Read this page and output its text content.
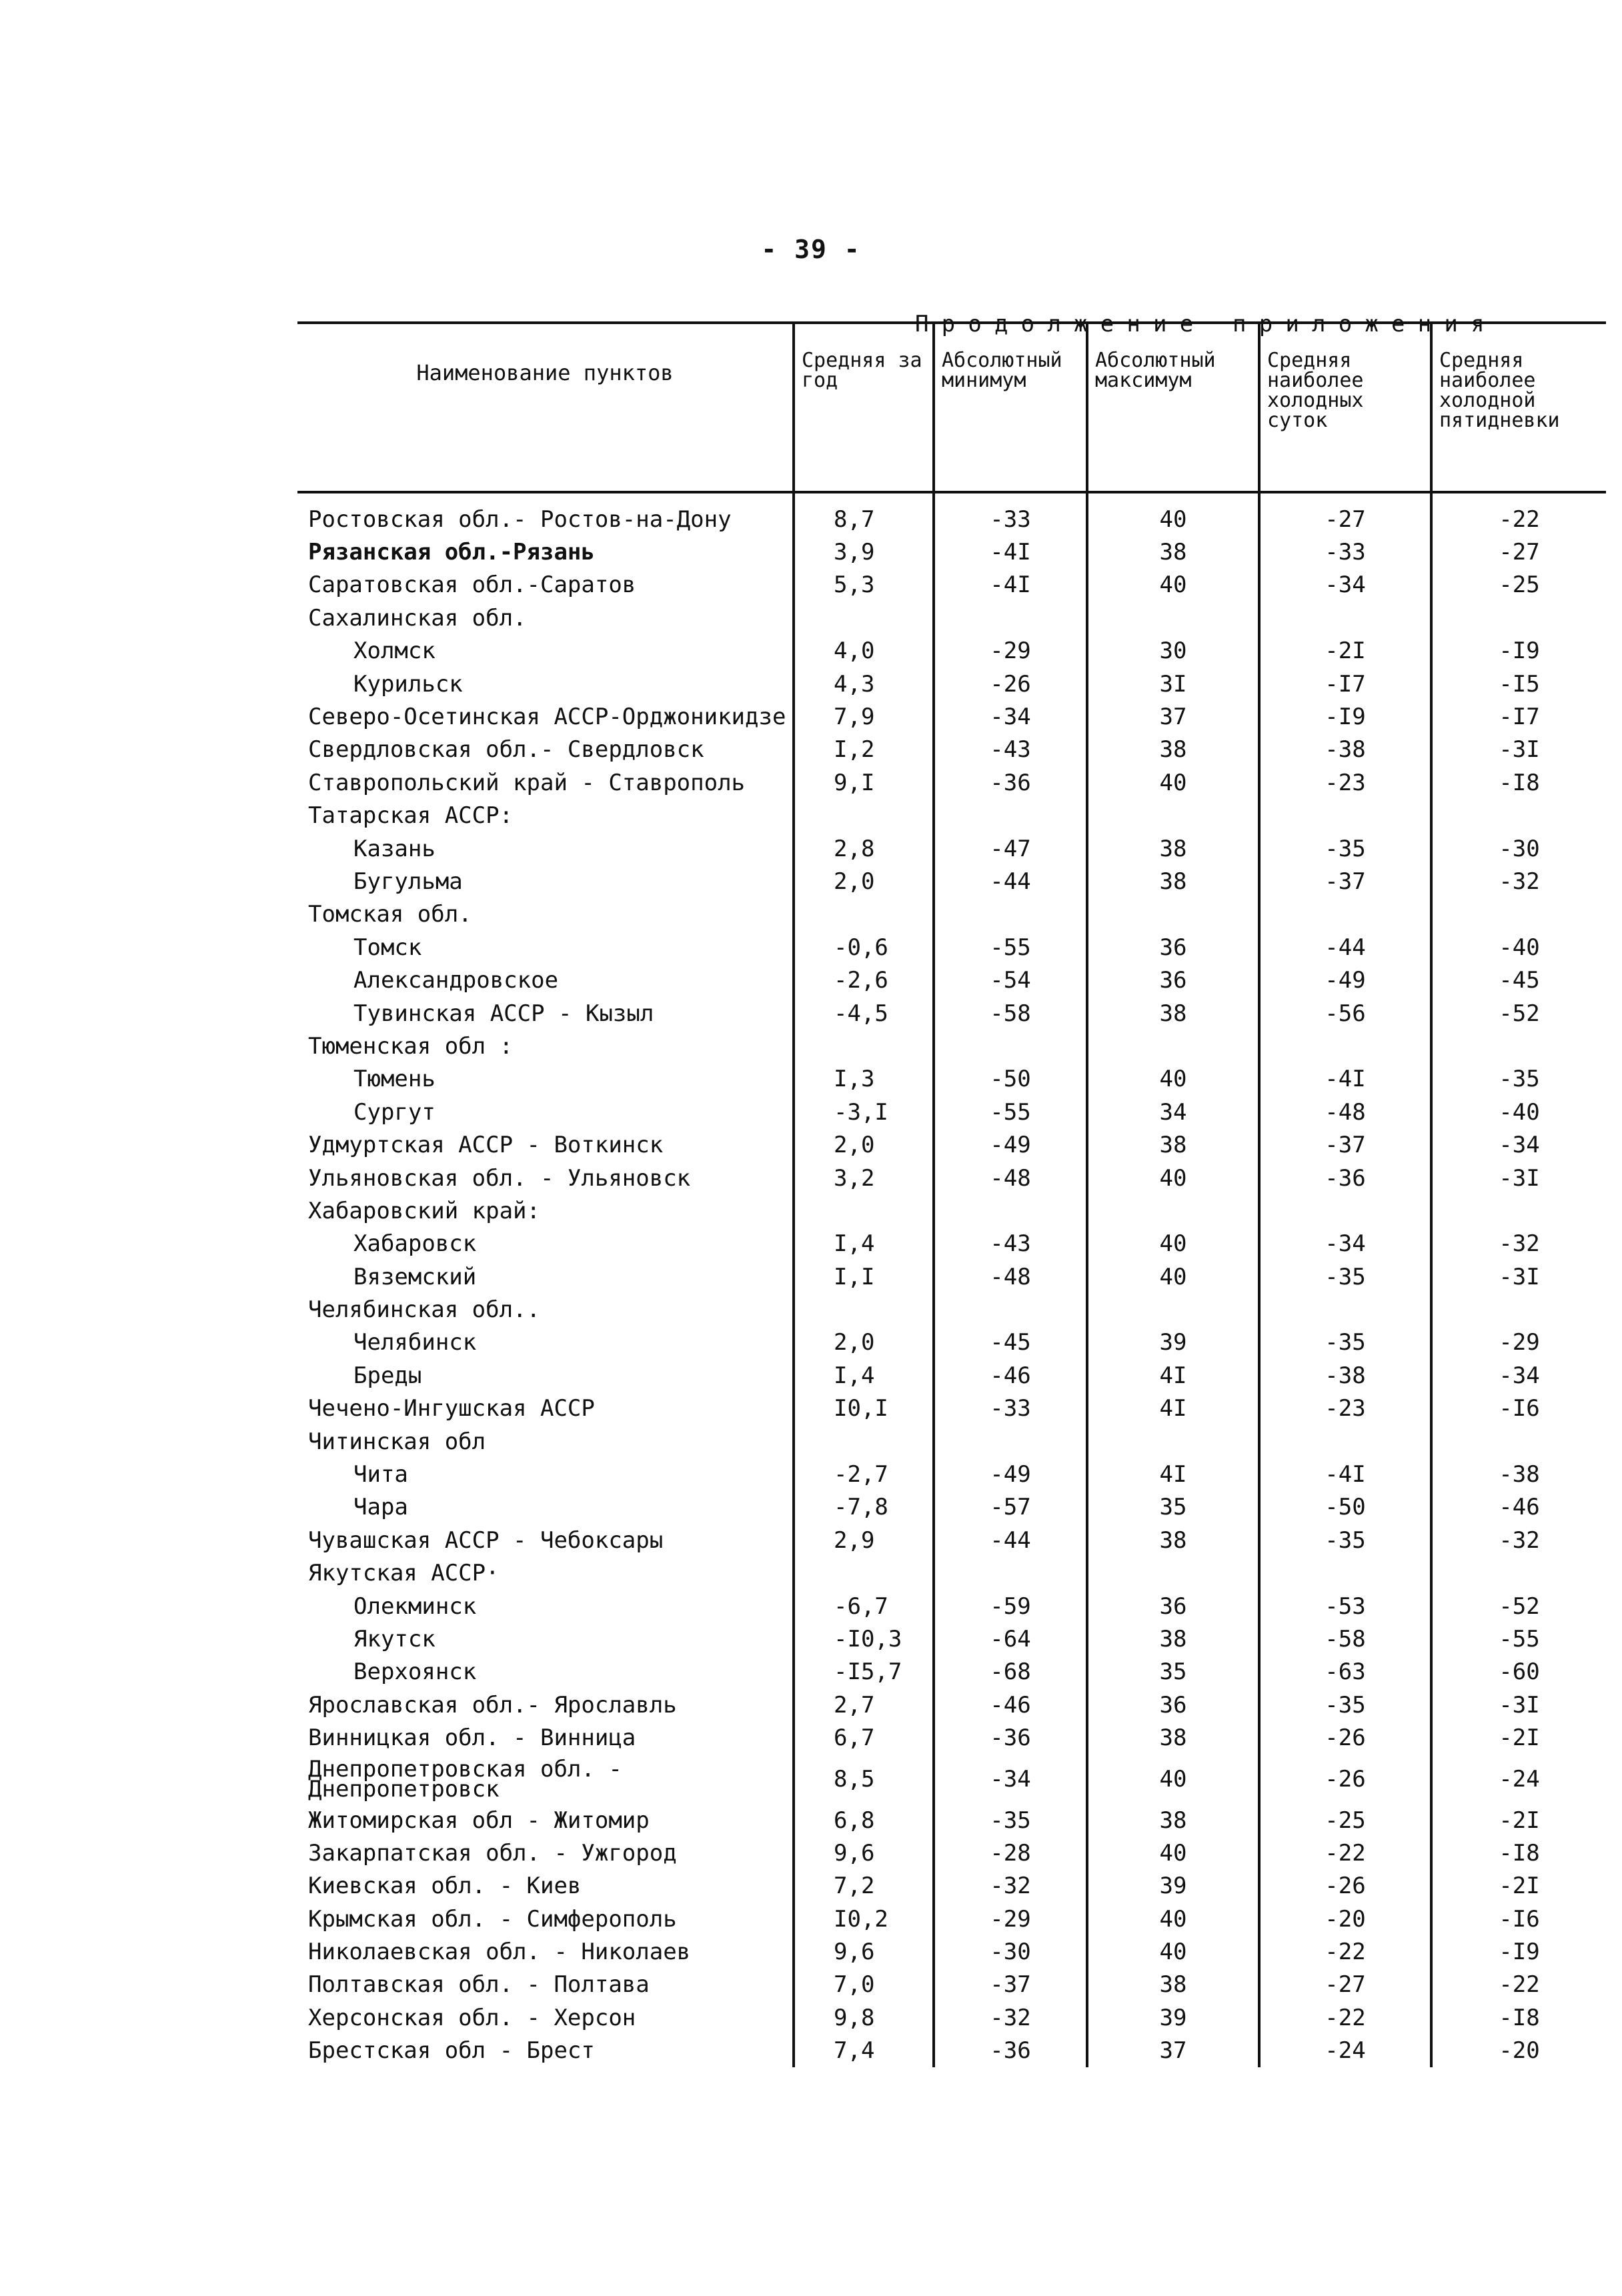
- 39 -
Продолжение приложения
Наименование пунктов	Средняя за год	Абсолютный минимум	Абсолютный максимум	Средняя наиболее холодных суток	Средняя наиболее холодной пятидневки
Ростовская обл.- Ростов-на-Дону	8,7	-33	40	-27	-22
Рязанская обл.-Рязань	3,9	-4I	38	-33	-27
Саратовская обл.-Саратов	5,3	-4I	40	-34	-25
Сахалинская обл.					
Холмск	4,0	-29	30	-2I	-I9
Курильск	4,3	-26	3I	-I7	-I5
Северо-Осетинская АССР-Орджоникидзе	7,9	-34	37	-I9	-I7
Свердловская обл.- Свердловск	I,2	-43	38	-38	-3I
Ставропольский край - Ставрополь	9,I	-36	40	-23	-I8
Татарская АССР:					
Казань	2,8	-47	38	-35	-30
Бугульма	2,0	-44	38	-37	-32
Томская обл.					
Томск	-0,6	-55	36	-44	-40
Александровское	-2,6	-54	36	-49	-45
Тувинская АССР - Кызыл	-4,5	-58	38	-56	-52
Тюменская обл :					
Тюмень	I,3	-50	40	-4I	-35
Сургут	-3,I	-55	34	-48	-40
Удмуртская АССР - Воткинск	2,0	-49	38	-37	-34
Ульяновская обл. - Ульяновск	3,2	-48	40	-36	-3I
Хабаровский край:					
Хабаровск	I,4	-43	40	-34	-32
Вяземский	I,I	-48	40	-35	-3I
Челябинская обл..					
Челябинск	2,0	-45	39	-35	-29
Бреды	I,4	-46	4I	-38	-34
Чечено-Ингушская АССР	I0,I	-33	4I	-23	-I6
Читинская обл					
Чита	-2,7	-49	4I	-4I	-38
Чара	-7,8	-57	35	-50	-46
Чувашская АССР - Чебоксары	2,9	-44	38	-35	-32
Якутская АССР·					
Олекминск	-6,7	-59	36	-53	-52
Якутск	-I0,3	-64	38	-58	-55
Верхоянск	-I5,7	-68	35	-63	-60
Ярославская обл.- Ярославль	2,7	-46	36	-35	-3I
Винницкая обл. - Винница	6,7	-36	38	-26	-2I
Днепропетровская обл. - Днепропетровск	8,5	-34	40	-26	-24
Житомирская обл - Житомир	6,8	-35	38	-25	-2I
Закарпатская обл. - Ужгород	9,6	-28	40	-22	-I8
Киевская обл. - Киев	7,2	-32	39	-26	-2I
Крымская обл. - Симферополь	I0,2	-29	40	-20	-I6
Николаевская обл. - Николаев	9,6	-30	40	-22	-I9
Полтавская обл. - Полтава	7,0	-37	38	-27	-22
Херсонская обл. - Херсон	9,8	-32	39	-22	-I8
Брестская обл - Брест	7,4	-36	37	-24	-20
